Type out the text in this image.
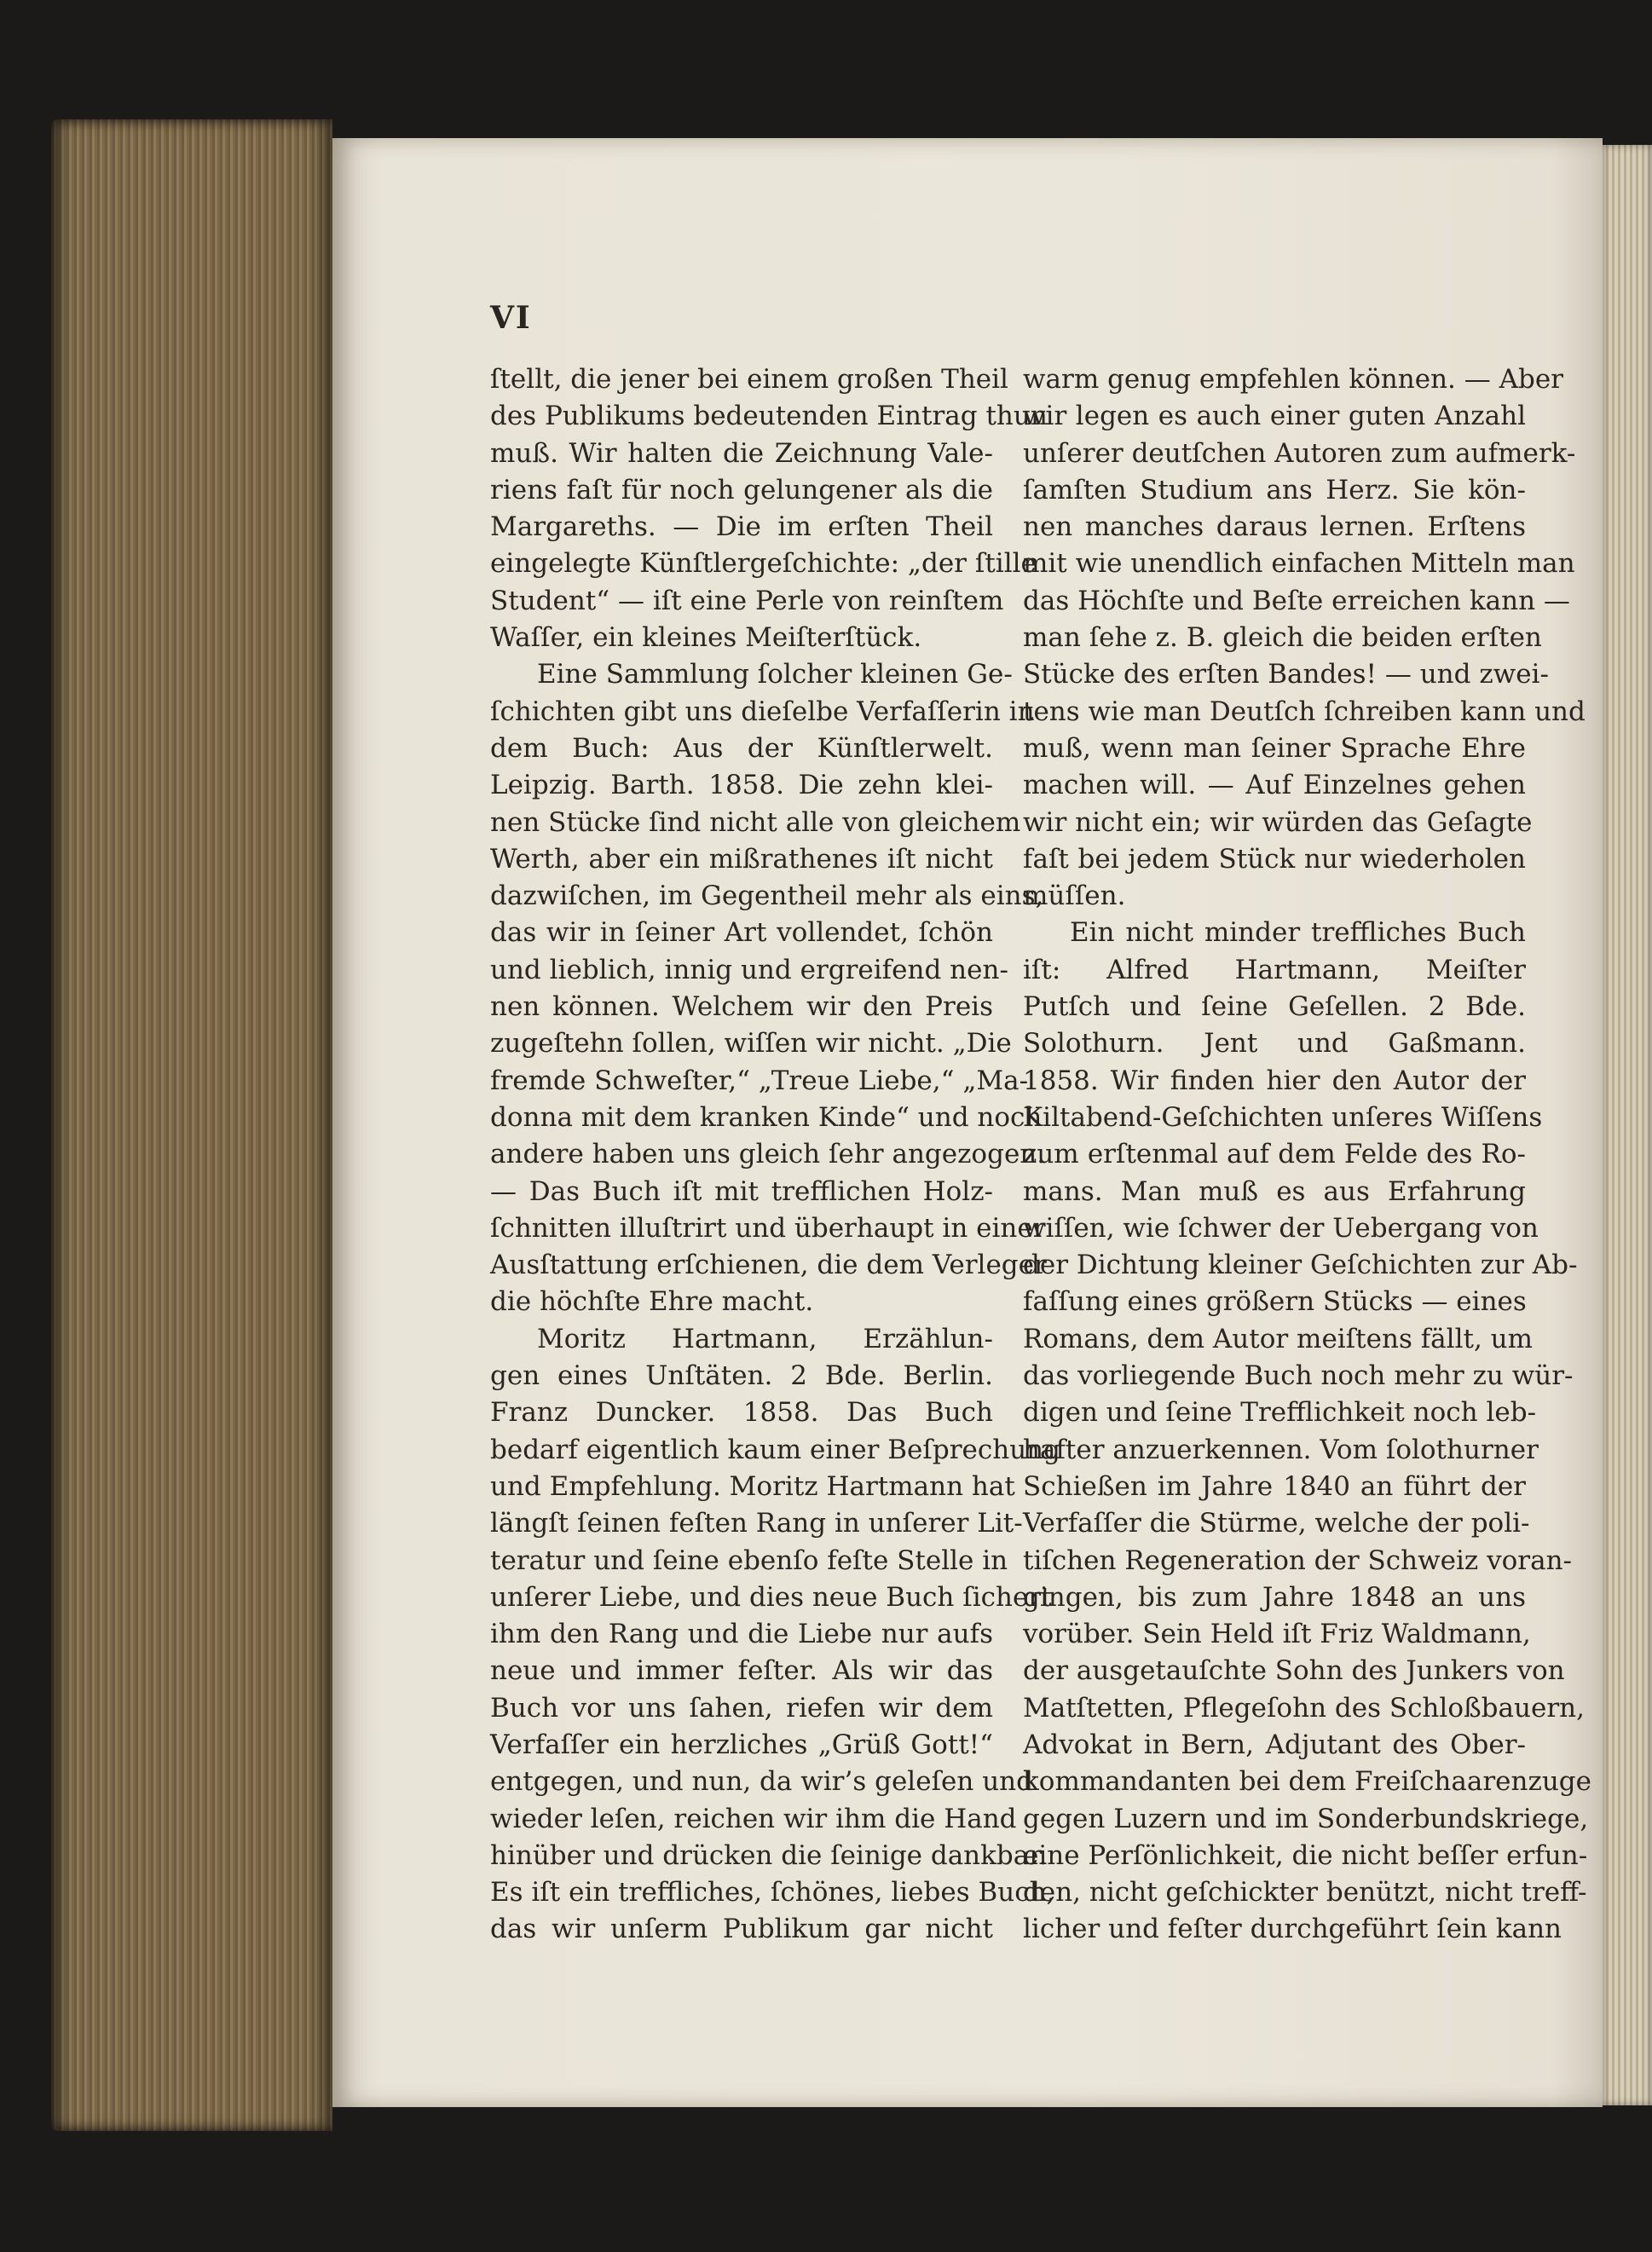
VI
ſtellt, die jener bei einem großen Theil
des Publikums bedeutenden Eintrag thun
muß. Wir halten die Zeichnung Vale-
riens faſt für noch gelungener als die
Margareths. — Die im erſten Theil
eingelegte Künſtlergeſchichte: „der ſtille
Student“ — iſt eine Perle von reinſtem
Waſſer, ein kleines Meiſterſtück.
Eine Sammlung ſolcher kleinen Ge-
ſchichten gibt uns dieſelbe Verfaſſerin in
dem Buch: Aus der Künſtlerwelt.
Leipzig. Barth. 1858. Die zehn klei-
nen Stücke ſind nicht alle von gleichem
Werth, aber ein mißrathenes iſt nicht
dazwiſchen, im Gegentheil mehr als eins,
das wir in ſeiner Art vollendet, ſchön
und lieblich, innig und ergreifend nen-
nen können. Welchem wir den Preis
zugeſtehn ſollen, wiſſen wir nicht. „Die
fremde Schweſter,“ „Treue Liebe,“ „Ma-
donna mit dem kranken Kinde“ und noch
andere haben uns gleich ſehr angezogen.
— Das Buch iſt mit trefflichen Holz-
ſchnitten illuſtrirt und überhaupt in einer
Ausſtattung erſchienen, die dem Verleger
die höchſte Ehre macht.
Moritz Hartmann, Erzählun-
gen eines Unſtäten. 2 Bde. Berlin.
Franz Duncker. 1858. Das Buch
bedarf eigentlich kaum einer Beſprechung
und Empfehlung. Moritz Hartmann hat
längſt ſeinen feſten Rang in unſerer Lit-
teratur und ſeine ebenſo feſte Stelle in
unſerer Liebe, und dies neue Buch ſichert
ihm den Rang und die Liebe nur aufs
neue und immer feſter. Als wir das
Buch vor uns ſahen, riefen wir dem
Verfaſſer ein herzliches „Grüß Gott!“
entgegen, und nun, da wir’s geleſen und
wieder leſen, reichen wir ihm die Hand
hinüber und drücken die ſeinige dankbar.
Es iſt ein treffliches, ſchönes, liebes Buch,
das wir unſerm Publikum gar nicht
warm genug empfehlen können. — Aber
wir legen es auch einer guten Anzahl
unſerer deutſchen Autoren zum aufmerk-
ſamſten Studium ans Herz. Sie kön-
nen manches daraus lernen. Erſtens
mit wie unendlich einfachen Mitteln man
das Höchſte und Beſte erreichen kann —
man ſehe z. B. gleich die beiden erſten
Stücke des erſten Bandes! — und zwei-
tens wie man Deutſch ſchreiben kann und
muß, wenn man ſeiner Sprache Ehre
machen will. — Auf Einzelnes gehen
wir nicht ein; wir würden das Geſagte
faſt bei jedem Stück nur wiederholen
müſſen.
Ein nicht minder treffliches Buch
iſt: Alfred Hartmann, Meiſter
Putſch und ſeine Geſellen. 2 Bde.
Solothurn. Jent und Gaßmann.
1858. Wir finden hier den Autor der
Kiltabend-Geſchichten unſeres Wiſſens
zum erſtenmal auf dem Felde des Ro-
mans. Man muß es aus Erfahrung
wiſſen, wie ſchwer der Uebergang von
der Dichtung kleiner Geſchichten zur Ab-
faſſung eines größern Stücks — eines
Romans, dem Autor meiſtens fällt, um
das vorliegende Buch noch mehr zu wür-
digen und ſeine Trefflichkeit noch leb-
hafter anzuerkennen. Vom ſolothurner
Schießen im Jahre 1840 an führt der
Verfaſſer die Stürme, welche der poli-
tiſchen Regeneration der Schweiz voran-
gingen, bis zum Jahre 1848 an uns
vorüber. Sein Held iſt Friz Waldmann,
der ausgetauſchte Sohn des Junkers von
Matſtetten, Pflegeſohn des Schloßbauern,
Advokat in Bern, Adjutant des Ober-
kommandanten bei dem Freiſchaarenzuge
gegen Luzern und im Sonderbundskriege,
eine Perſönlichkeit, die nicht beſſer erfun-
den, nicht geſchickter benützt, nicht treff-
licher und feſter durchgeführt ſein kann
